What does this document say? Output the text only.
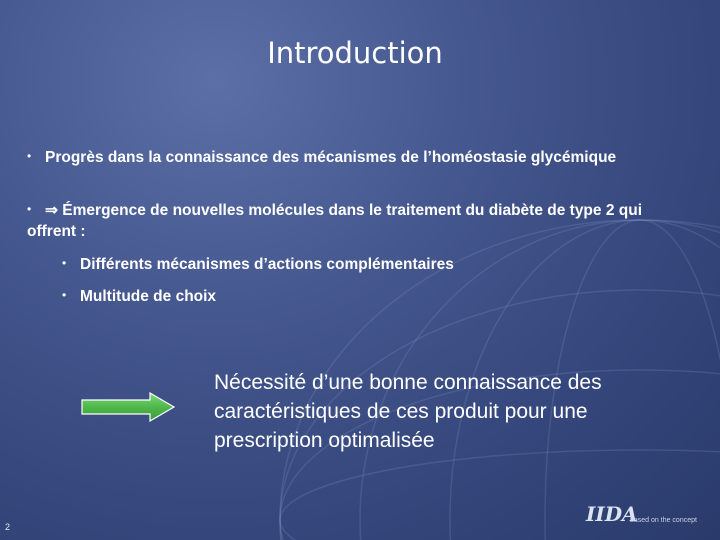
Introduction
• Progrès dans la connaissance des mécanismes de l’homéostasie glycémique
• ⇒ Émergence de nouvelles molécules dans le traitement du diabète de type 2 qui offrent :
• Différents mécanismes d’actions complémentaires
• Multitude de choix
Nécessité d’une bonne connaissance des caractéristiques de ces produit pour une prescription optimalisée
2
IIDA
based on the concept
